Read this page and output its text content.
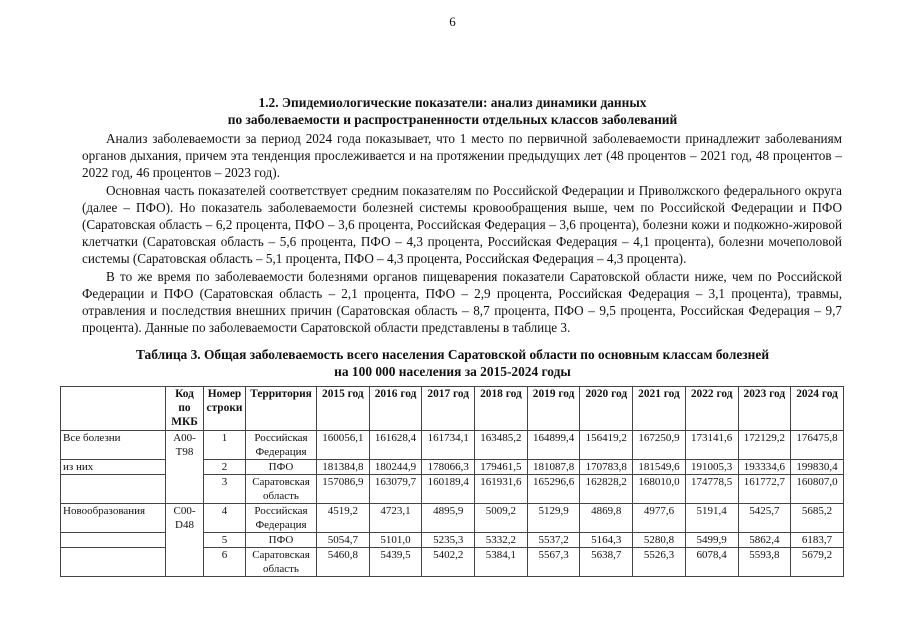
6
1.2. Эпидемиологические показатели: анализ динамики данных
по заболеваемости и распространенности отдельных классов заболеваний

Анализ заболеваемости за период 2024 года показывает, что 1 место по первичной заболеваемости принадлежит заболеваниям органов дыхания, причем эта тенденция прослеживается и на протяжении предыдущих лет (48 процентов – 2021 год, 48 процентов – 2022 год, 46 процентов – 2023 год).

Основная часть показателей соответствует средним показателям по Российской Федерации и Приволжского федерального округа (далее – ПФО). Но показатель заболеваемости болезней системы кровообращения выше, чем по Российской Федерации и ПФО (Саратовская область – 6,2 процента, ПФО – 3,6 процента, Российская Федерация – 3,6 процента), болезни кожи и подкожно-жировой клетчатки (Саратовская область – 5,6 процента, ПФО – 4,3 процента, Российская Федерация – 4,1 процента), болезни мочеполовой системы (Саратовская область – 5,1 процента, ПФО – 4,3 процента, Российская Федерация – 4,3 процента).

В то же время по заболеваемости болезнями органов пищеварения показатели Саратовской области ниже, чем по Российской Федерации и ПФО (Саратовская область – 2,1 процента, ПФО – 2,9 процента, Российская Федерация – 3,1 процента), травмы, отравления и последствия внешних причин (Саратовская область – 8,7 процента, ПФО – 9,5 процента, Российская Федерация – 9,7 процента). Данные по заболеваемости Саратовской области представлены в таблице 3.

Таблица 3. Общая заболеваемость всего населения Саратовской области по основным классам болезней
на 100 000 населения за 2015-2024 годы
	Код по МКБ	Номер строки	Территория	2015 год	2016 год	2017 год	2018 год	2019 год	2020 год	2021 год	2022 год	2023 год	2024 год
Все болезни	А00-Т98	1	Российская Федерация	160056,1	161628,4	161734,1	163485,2	164899,4	156419,2	167250,9	173141,6	172129,2	176475,8
из них		2	ПФО	181384,8	180244,9	178066,3	179461,5	181087,8	170783,8	181549,6	191005,3	193334,6	199830,4
		3	Саратовская область	157086,9	163079,7	160189,4	161931,6	165296,6	162828,2	168010,0	174778,5	161772,7	160807,0
Новообразования	С00-D48	4	Российская Федерация	4519,2	4723,1	4895,9	5009,2	5129,9	4869,8	4977,6	5191,4	5425,7	5685,2
		5	ПФО	5054,7	5101,0	5235,3	5332,2	5537,2	5164,3	5280,8	5499,9	5862,4	6183,7
		6	Саратовская область	5460,8	5439,5	5402,2	5384,1	5567,3	5638,7	5526,3	6078,4	5593,8	5679,2
